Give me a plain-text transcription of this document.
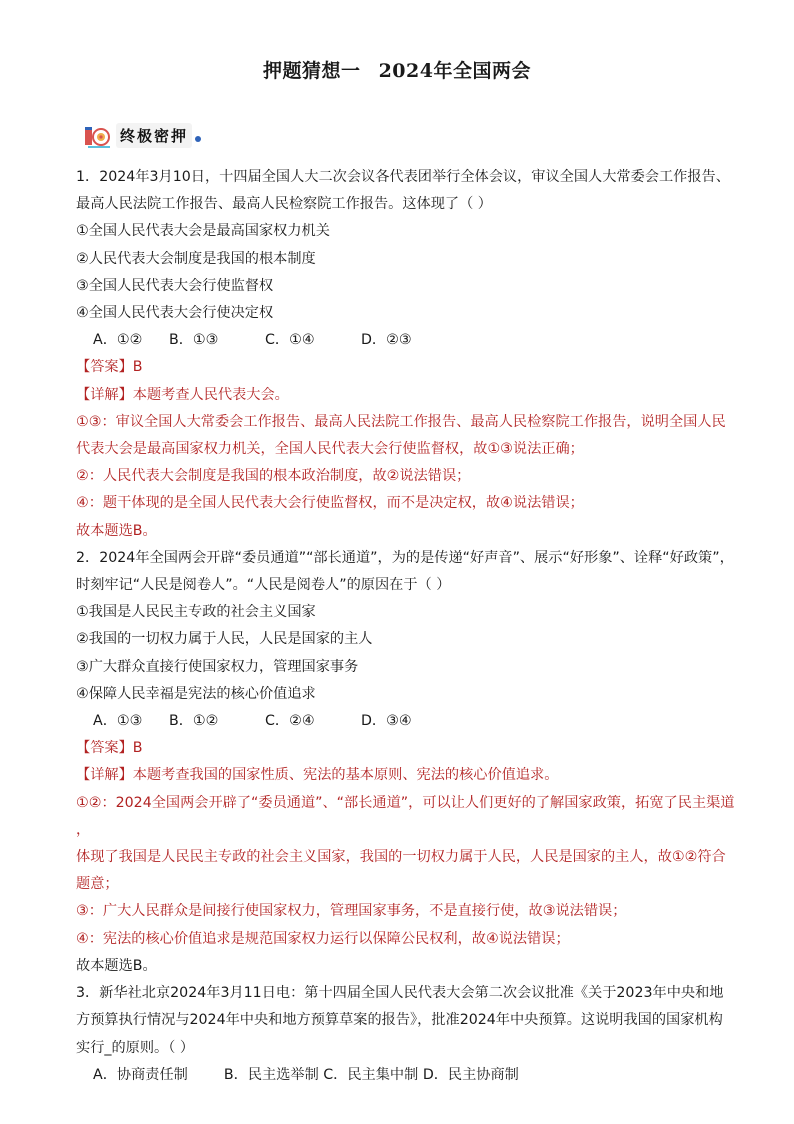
押题猜想一 2024年全国两会
终极密押
1．2024年3月10日，十四届全国人大二次会议各代表团举行全体会议，审议全国人大常委会工作报告、
最高人民法院工作报告、最高人民检察院工作报告。这体现了（ ）
①全国人民代表大会是最高国家权力机关
②人民代表大会制度是我国的根本制度
③全国人民代表大会行使监督权
④全国人民代表大会行使决定权
A．①② B．①③	C．①④	D．②③
【答案】B
【详解】本题考查人民代表大会。
①③：审议全国人大常委会工作报告、最高人民法院工作报告、最高人民检察院工作报告，说明全国人民
代表大会是最高国家权力机关，全国人民代表大会行使监督权，故①③说法正确；
②：人民代表大会制度是我国的根本政治制度，故②说法错误；
④：题干体现的是全国人民代表大会行使监督权，而不是决定权，故④说法错误；
故本题选B。
2．2024年全国两会开辟“委员通道”“部长通道”，为的是传递“好声音”、展示“好形象”、诠释“好政策”，
时刻牢记“人民是阅卷人”。“人民是阅卷人”的原因在于（ ）
①我国是人民民主专政的社会主义国家
②我国的一切权力属于人民，人民是国家的主人
③广大群众直接行使国家权力，管理国家事务
④保障人民幸福是宪法的核心价值追求
A．①③ B．①②	C．②④	D．③④
【答案】B
【详解】本题考查我国的国家性质、宪法的基本原则、宪法的核心价值追求。
①②：2024全国两会开辟了“委员通道”、“部长通道”，可以让人们更好的了解国家政策，拓宽了民主渠道
，
体现了我国是人民民主专政的社会主义国家，我国的一切权力属于人民，人民是国家的主人，故①②符合
题意；
③：广大人民群众是间接行使国家权力，管理国家事务，不是直接行使，故③说法错误；
④：宪法的核心价值追求是规范国家权力运行以保障公民权利，故④说法错误；
故本题选B。
3．新华社北京2024年3月11日电：第十四届全国人民代表大会第二次会议批准《关于2023年中央和地
方预算执行情况与2024年中央和地方预算草案的报告》，批准2024年中央预算。这说明我国的国家机构
实行_的原则。（ ）
A．协商责任制        B．民主选举制 C．民主集中制 D．民主协商制
